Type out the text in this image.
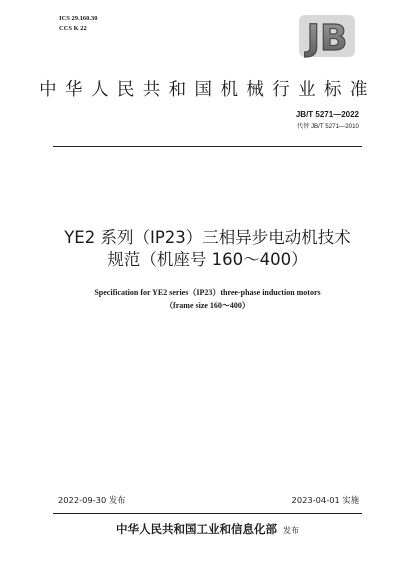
ICS 29.160.30
CCS K 22	JB
中华人民共和国机械行业标准
JB/T 5271—2022
代替 JB/T 5271—2010
YE2 系列（IP23）三相异步电动机技术
规范（机座号 160～400）
Specification for YE2 series（IP23）three-phase induction motors
（frame size 160～400）
2022-09-30 发布	2023-04-01 实施
中华人民共和国工业和信息化部 发布
